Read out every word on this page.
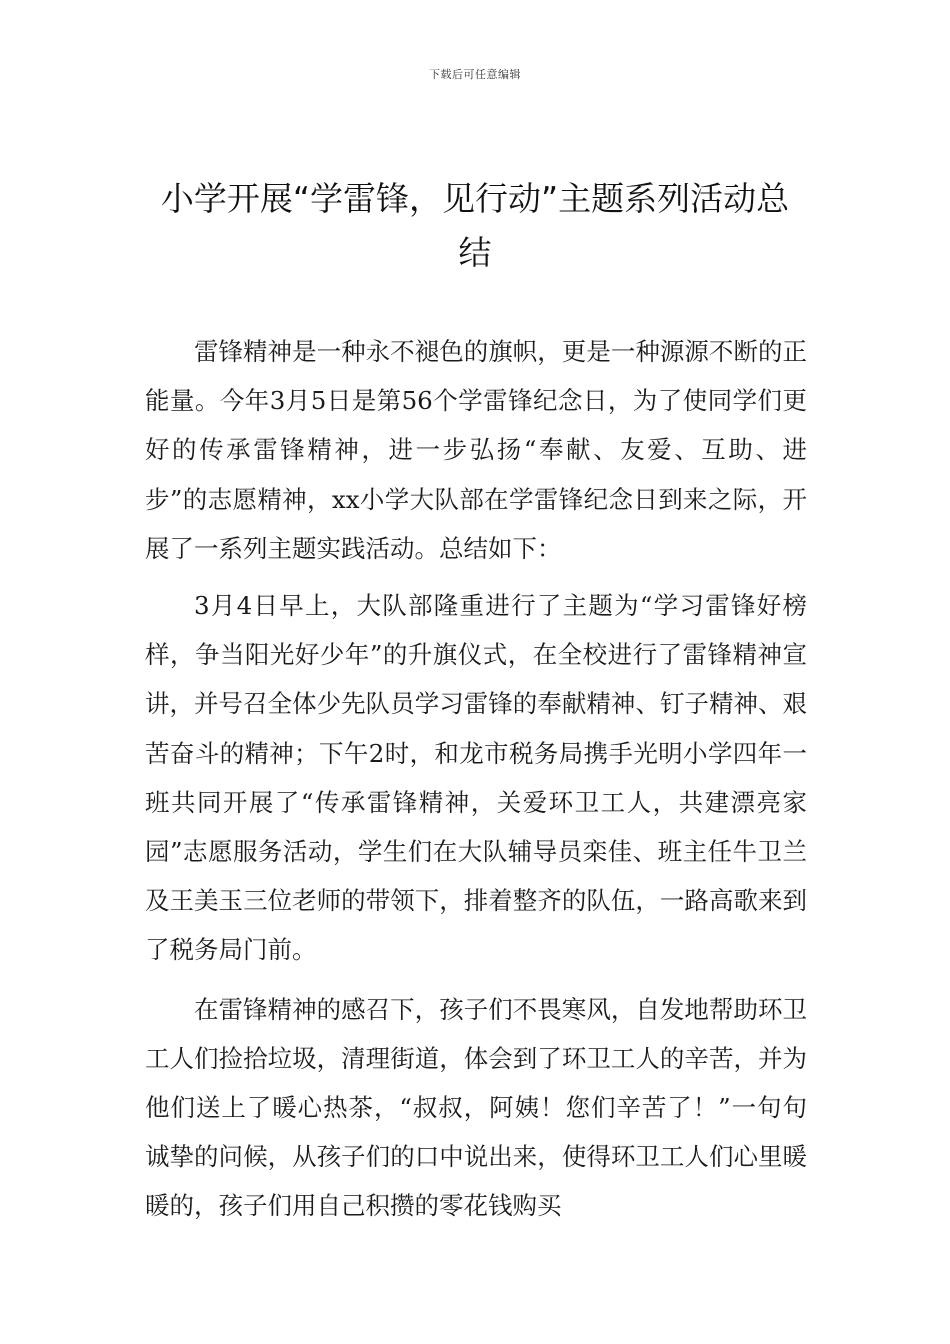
下载后可任意编辑
小学开展“学雷锋，见行动”主题系列活动总结

雷锋精神是一种永不褪色的旗帜，更是一种源源不断的正能量。今年3月5日是第56个学雷锋纪念日，为了使同学们更好的传承雷锋精神，进一步弘扬“奉献、友爱、互助、进步”的志愿精神，xx小学大队部在学雷锋纪念日到来之际，开展了一系列主题实践活动。总结如下：

3月4日早上，大队部隆重进行了主题为“学习雷锋好榜样，争当阳光好少年”的升旗仪式，在全校进行了雷锋精神宣讲，并号召全体少先队员学习雷锋的奉献精神、钉子精神、艰苦奋斗的精神；下午2时，和龙市税务局携手光明小学四年一班共同开展了“传承雷锋精神，关爱环卫工人，共建漂亮家园”志愿服务活动，学生们在大队辅导员栾佳、班主任牛卫兰及王美玉三位老师的带领下，排着整齐的队伍，一路高歌来到了税务局门前。

在雷锋精神的感召下，孩子们不畏寒风，自发地帮助环卫工人们捡拾垃圾，清理街道，体会到了环卫工人的辛苦，并为他们送上了暖心热茶，“叔叔，阿姨！您们辛苦了！”一句句诚挚的问候，从孩子们的口中说出来，使得环卫工人们心里暖暖的，孩子们用自己积攒的零花钱购买
